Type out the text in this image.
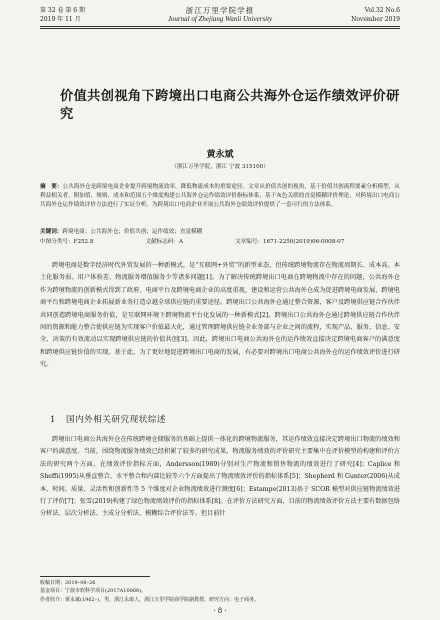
第 32 卷 第 6 期
2019 年 11 月
浙江万里学院学报
Journal of Zhejiang Wanli University
Vol.32 No.6
November 2019
价值共创视角下跨境出口电商公共海外仓运作绩效评价研究
黄永斌
（浙江万里学院，浙江 宁波 315100）
摘　要：公共海外仓是跨境电商企业提升跨境物流效率，降低物流成本的重要途径。文章从价值共创的视角，基于价值共创流程要素分析模型，从利益相关者、附加值、规则、成本和范围五个维度构建公共海外仓运作绩效评价指标体系，基于灰色关联的直觉模糊评价理论，对跨境出口电商公共海外仓运作绩效评价方法进行了实证分析，为跨境出口电商企业开展公共海外仓绩效评价提供了一套可行的方法体系。
关键词：跨境电商；公共海外仓；价值共创；运作绩效；直觉模糊
中图分类号：F252.8	文献标志码：A	文章编号：1671-2250(2019)06-0008-07
跨境电商是数字经济时代外贸发展的一种新模式，是“互联网+外贸”的新型业态，但传统跨境物流存在物流周期长、成本高、本土化服务弱、用户体验差、物流服务增值服务少等诸多问题[1]。为了解决传统跨境出口电商在跨境物流中存在的问题，公共海外仓作为跨境物流的创新模式得到了政府、电商平台及跨境电商企业的高度重视，建设和运营公共海外仓成为促进跨境电商发展、跨境电商平台和跨境电商企业拓展新业务打造卓越全球供应链的重要途径。跨境出口公共海外仓通过整合资源，客户及跨境供应链合作伙伴共同创造跨境电商服务价值，是互联网环境下跨境物流平台化发展的一种新模式[2]。跨境出口公共海外仓通过跨境供应链合作伙伴间的资源和能力整合使供应链为实现客户价值最大化，通过管理跨境供应链全业务部与企业之间的流程，实现产品、服务、信息、安全、决策的有效流动以实现跨境供应链的价值共创[3]。因此，跨境出口电商公共海外仓的运作绩效直接决定跨境电商客户的满意度和跨境供应链价值的实现。基于此，为了更好地促进跨境出口电商的发展，有必要对跨境出口电商公共海外仓的运作绩效评价进行研究。
1 国内外相关研究现状综述
跨境出口电商公共海外仓在传统跨境仓储服务的基础上提供一体化的跨境物流服务，其运作绩效直接决定跨境出口物流的绩效和客户的满意度。当前，围绕物流服务绩效已经积累了较多的研究成果，物流服务绩效的评价研究主要集中在评价模型的构建和评价方法的研究两个方面。在绩效评价指标方面，Andersson(1989)分别对生产物流和销售物流的绩效进行了研究[4]；Caplice 和 Sheffi(1995)从垂直整合、水平整合和内部比较等六个方面提出了物流绩效评价的指标体系[5]；Shepherd 和 Gunter(2006)从成本、时间、质量、灵活性和创新性等 5 个维度对企业物流绩效进行测度[6]；Estampe(2013)基于 SCOR 模型对供应链物流绩效进行了评价[7]；张雪(2019)构建了绿色物流绩效评价的指标体系[8]。在评价方法研究方面，目前的物流绩效评价方法主要有数据包络分析法、层次分析法、主成分分析法、模糊综合评价法等。但目前针
收稿日期：2019–08–26
基金项目：宁波市软科学项目(2017A10068)。
作者简介：黄永斌(1962–)，男，浙江永康人，浙江万里学院商学院副教授，研究方向：电子商务。
· 8 ·
